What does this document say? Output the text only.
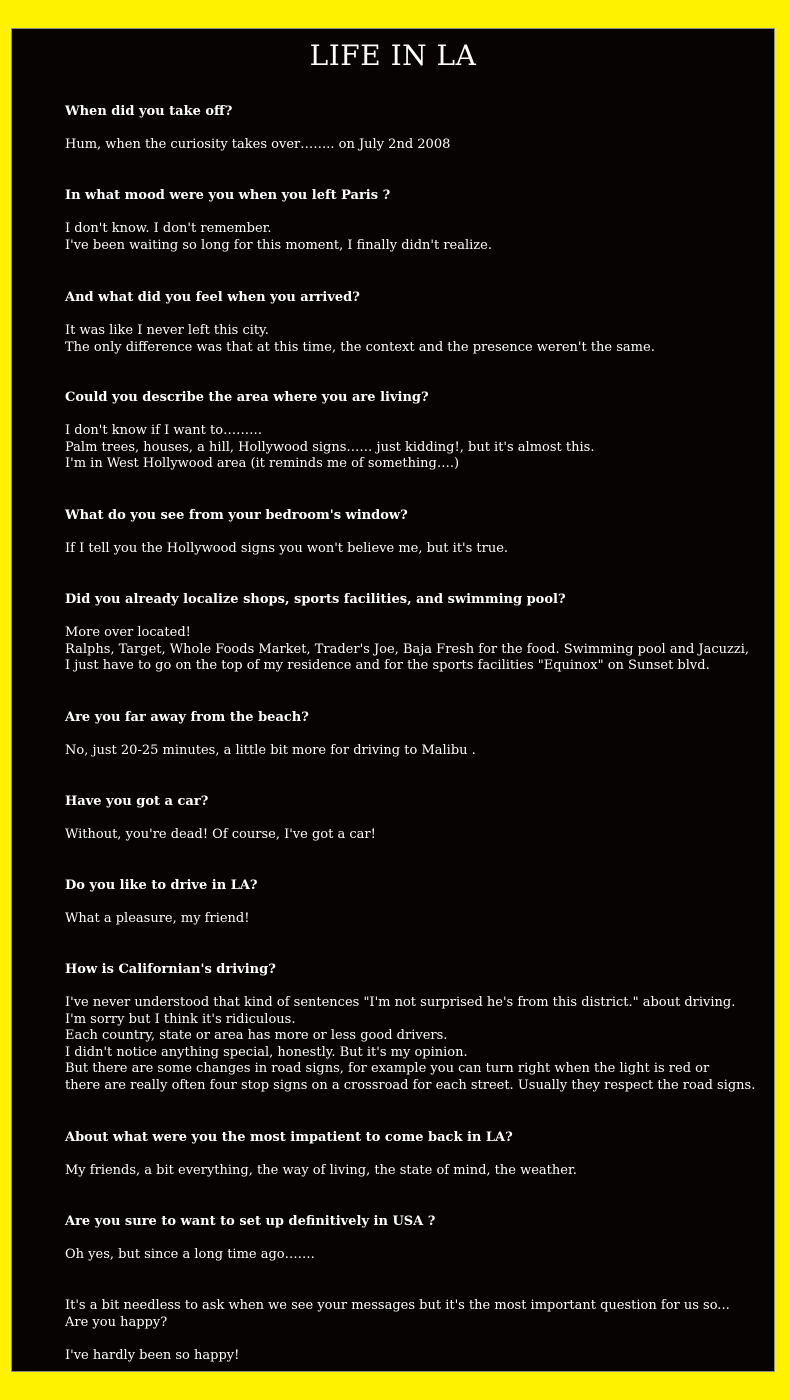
LIFE IN LA
When did you take off?
Hum, when the curiosity takes over…….. on July 2nd 2008
In what mood were you when you left Paris ?
I don't know. I don't remember.
I've been waiting so long for this moment, I finally didn't realize.
And what did you feel when you arrived?
It was like I never left this city.
The only difference was that at this time, the context and the presence weren't the same.
Could you describe the area where you are living?
I don't know if I want to………
Palm trees, houses, a hill, Hollywood signs…… just kidding!, but it's almost this.
I'm in West Hollywood area (it reminds me of something….)
What do you see from your bedroom's window?
If I tell you the Hollywood signs you won't believe me, but it's true.
Did you already localize shops, sports facilities, and swimming pool?
More over located!
Ralphs, Target, Whole Foods Market, Trader's Joe, Baja Fresh for the food. Swimming pool and Jacuzzi,
I just have to go on the top of my residence and for the sports facilities "Equinox" on Sunset blvd.
Are you far away from the beach?
No, just 20-25 minutes, a little bit more for driving to Malibu .
Have you got a car?
Without, you're dead! Of course, I've got a car!
Do you like to drive in LA?
What a pleasure, my friend!
How is Californian's driving?
I've never understood that kind of sentences "I'm not surprised he's from this district." about driving.
I'm sorry but I think it's ridiculous.
Each country, state or area has more or less good drivers.
I didn't notice anything special, honestly. But it's my opinion.
But there are some changes in road signs, for example you can turn right when the light is red or
there are really often four stop signs on a crossroad for each street. Usually they respect the road signs.
About what were you the most impatient to come back in LA?
My friends, a bit everything, the way of living, the state of mind, the weather.
Are you sure to want to set up definitively in USA ?
Oh yes, but since a long time ago…….
It's a bit needless to ask when we see your messages but it's the most important question for us so...
Are you happy?
I've hardly been so happy!
